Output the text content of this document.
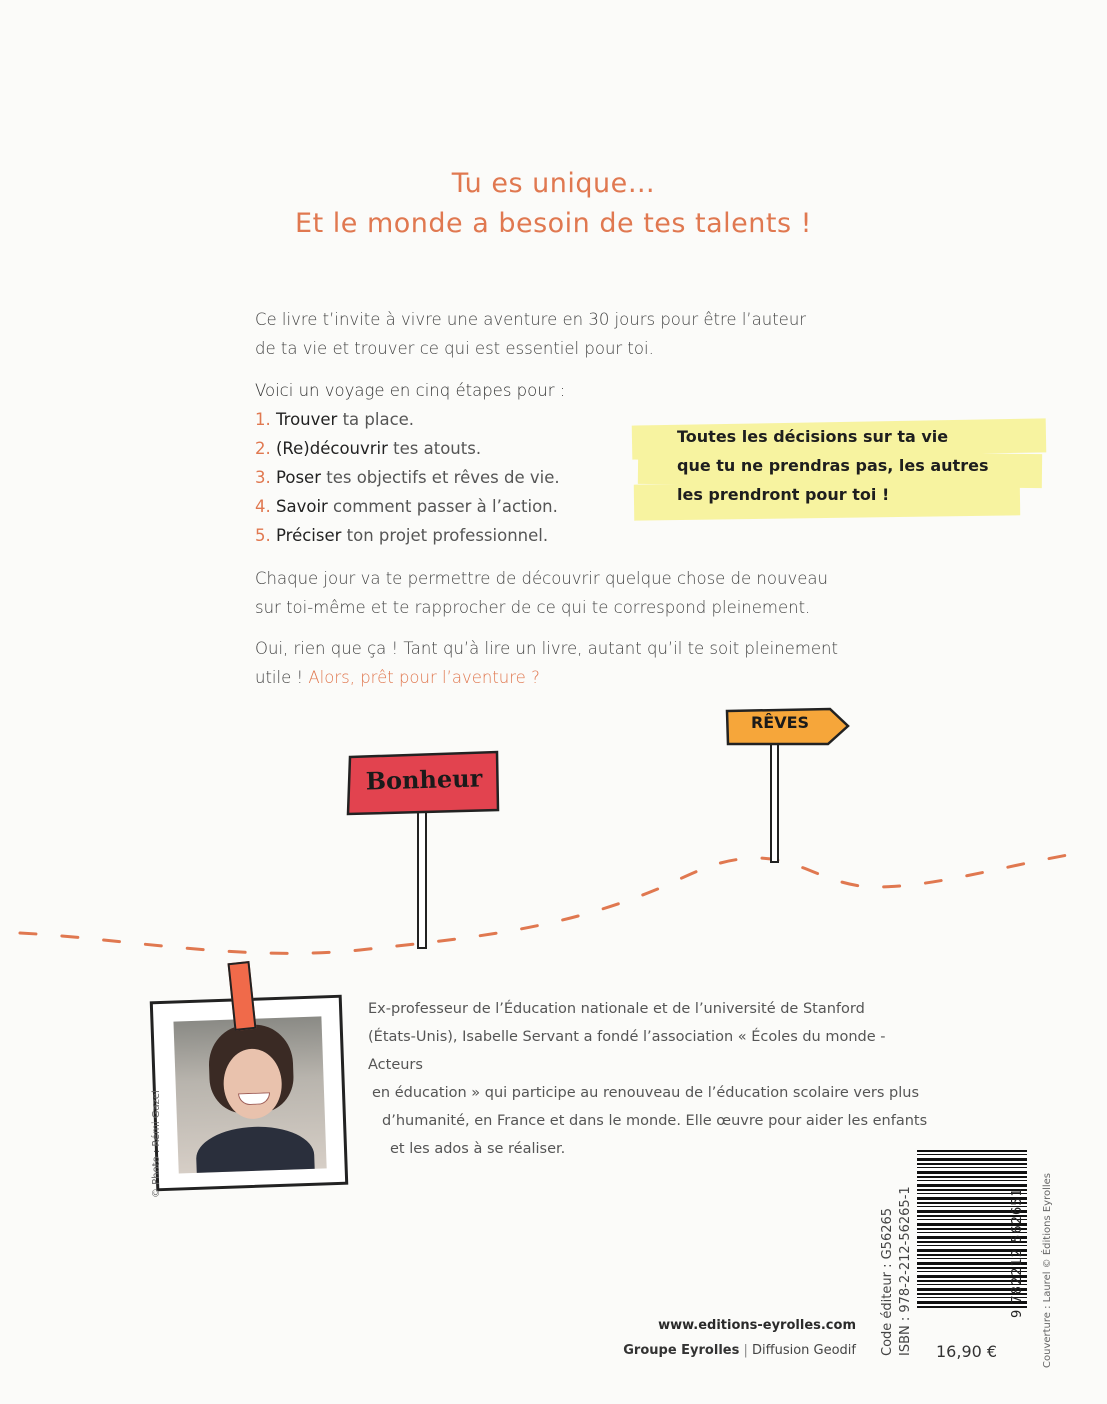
Tu es unique…
Et le monde a besoin de tes talents !
Ce livre t’invite à vivre une aventure en 30 jours pour être l’auteur
de ta vie et trouver ce qui est essentiel pour toi.
Voici un voyage en cinq étapes pour :
1. Trouver ta place.
2. (Re)découvrir tes atouts.
3. Poser tes objectifs et rêves de vie.
4. Savoir comment passer à l’action.
5. Préciser ton projet professionnel.
Toutes les décisions sur ta vie
que tu ne prendras pas, les autres
les prendront pour toi !
Chaque jour va te permettre de découvrir quelque chose de nouveau
sur toi-même et te rapprocher de ce qui te correspond pleinement.
Oui, rien que ça ! Tant qu’à lire un livre, autant qu’il te soit pleinement
utile ! Alors, prêt pour l’aventure ?
Bonheur
RÊVES
© Photo : Rémi Gazel
Ex-professeur de l’Éducation nationale et de l’université de Stanford
(États-Unis), Isabelle Servant a fondé l’association « Écoles du monde - Acteurs
en éducation » qui participe au renouveau de l’éducation scolaire vers plus
d’humanité, en France et dans le monde. Elle œuvre pour aider les enfants
et les ados à se réaliser.
Code éditeur : G56265 ISBN : 978-2-212-56265-1	9 782212 562651
16,90 €	Couverture : Laurel © Éditions Eyrolles
www.editions-eyrolles.com
Groupe Eyrolles | Diffusion Geodif
